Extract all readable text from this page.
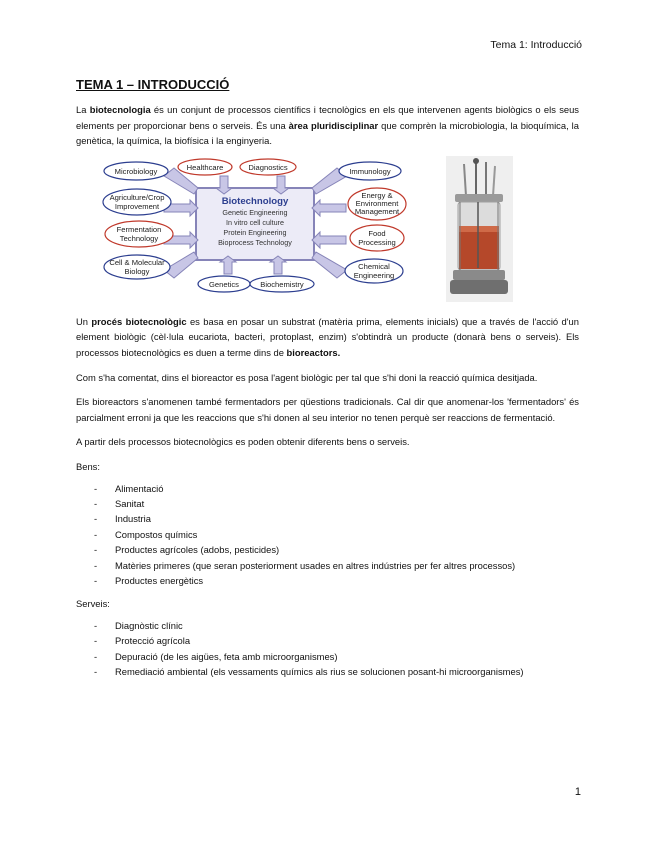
Tema 1: Introducció
TEMA 1 – INTRODUCCIÓ

La biotecnologia és un conjunt de processos científics i tecnològics en els que intervenen agents biològics o els seus elements per proporcionar bens o serveis. És una àrea pluridisciplinar que comprèn la microbiologia, la bioquímica, la genètica, la química, la biofísica i la enginyeria.

Biotechnology
Genetic Engineering
In vitro cell culture
Protein Engineering
Bioprocess Technology
Microbiology	Healthcare	Diagnostics	Immunology
Agriculture/Crop
Improvement
Fermentation
Technology
Cell & Molecular
Biology
Energy &
Environment
Management
Food
Processing
Chemical
Engineering
Genetics	Biochemistry

Un procés biotecnològic es basa en posar un substrat (matèria prima, elements inicials) que a través de l'acció d'un element biològic (cèl·lula eucariota, bacteri, protoplast, enzim) s'obtindrà un producte (donarà bens o serveis). Els processos biotecnològics es duen a terme dins de bioreactors.

Com s'ha comentat, dins el bioreactor es posa l'agent biològic per tal que s'hi doni la reacció química desitjada.

Els bioreactors s'anomenen també fermentadors per qüestions tradicionals. Cal dir que anomenar-los 'fermentadors' és parcialment erroni ja que les reaccions que s'hi donen al seu interior no tenen perquè ser reaccions de fermentació.

A partir dels processos biotecnològics es poden obtenir diferents bens o serveis.

Bens:
- Alimentació
- Sanitat
- Industria
- Compostos químics
- Productes agrícoles (adobs, pesticides)
- Matèries primeres (que seran posteriorment usades en altres indústries per fer altres processos)
- Productes energètics
Serveis:
- Diagnòstic clínic
- Protecció agrícola
- Depuració (de les aigües, feta amb microorganismes)
- Remediació ambiental (els vessaments químics als rius se solucionen posant-hi microorganismes)
1
